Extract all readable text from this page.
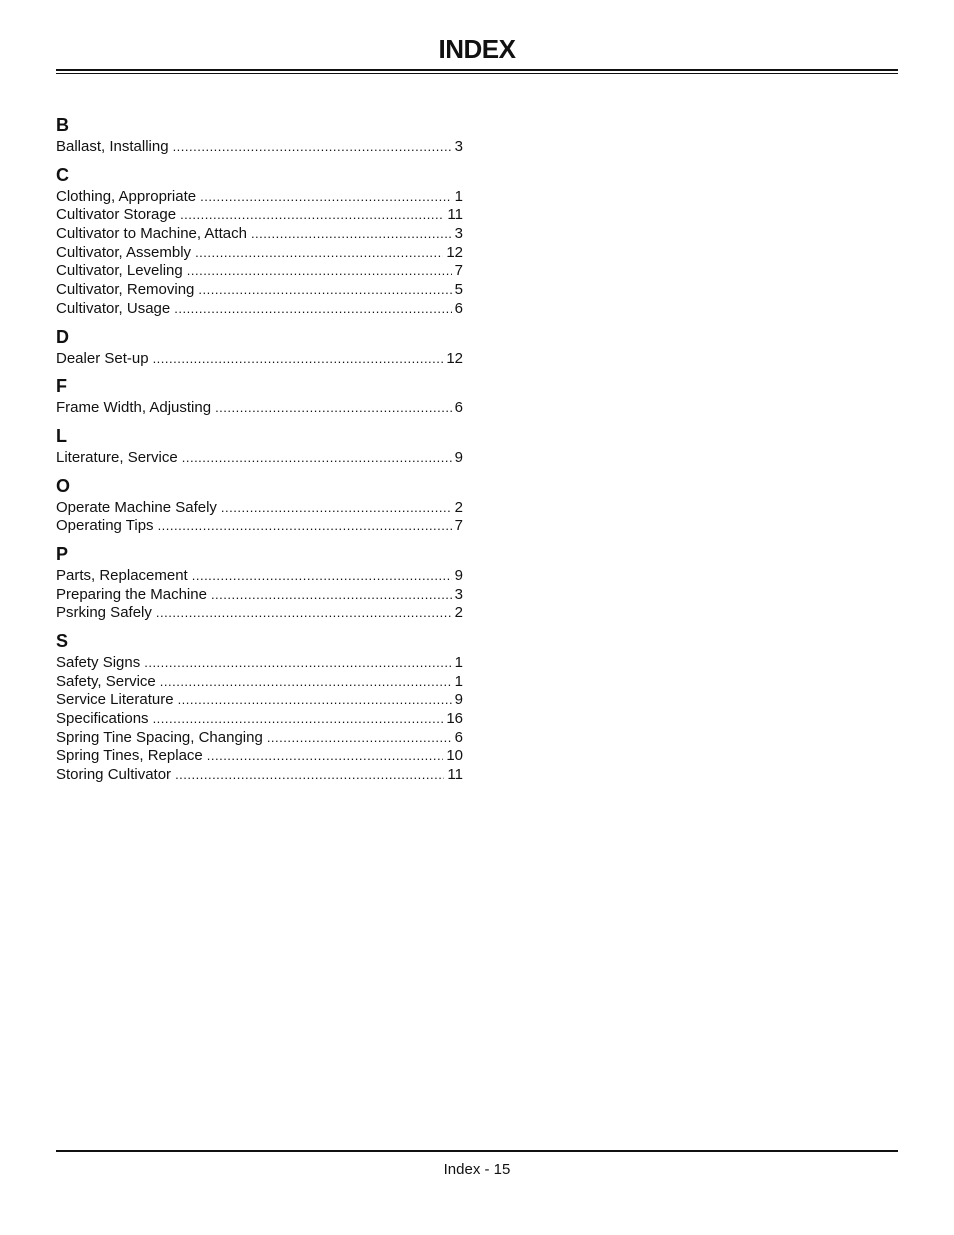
INDEX
B
Ballast, Installing .....	3
C
Clothing, Appropriate .....	1
Cultivator Storage .....	11
Cultivator to Machine, Attach .....	3
Cultivator, Assembly .....	12
Cultivator, Leveling .....	7
Cultivator, Removing .....	5
Cultivator, Usage .....	6
D
Dealer Set-up .....	12
F
Frame Width, Adjusting .....	6
L
Literature, Service .....	9
O
Operate Machine Safely .....	2
Operating Tips .....	7
P
Parts, Replacement .....	9
Preparing the Machine .....	3
Psrking Safely .....	2
S
Safety Signs .....	1
Safety, Service .....	1
Service Literature .....	9
Specifications .....	16
Spring Tine Spacing, Changing .....	6
Spring Tines, Replace .....	10
Storing Cultivator .....	11
Index - 15
